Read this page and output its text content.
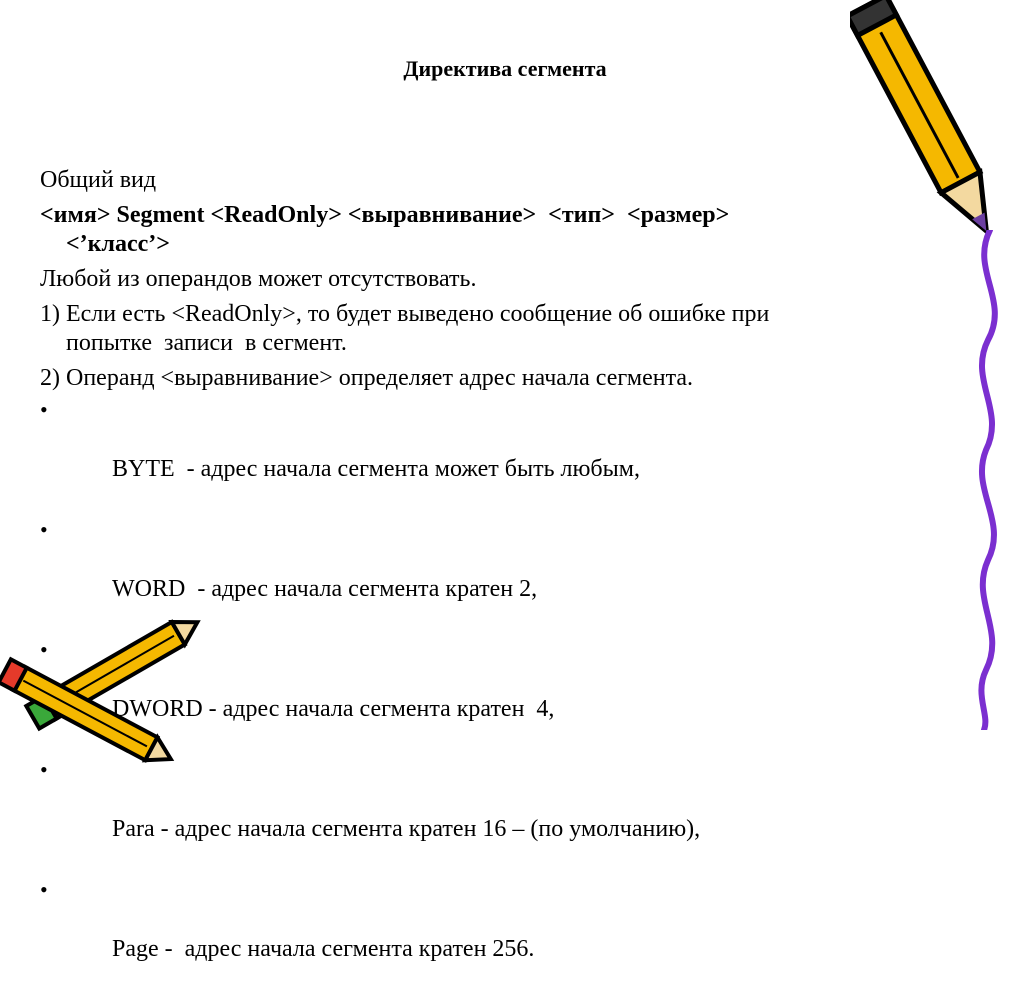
Директива сегмента

Общий вид

<имя> Segment <ReadOnly> <выравнивание>  <тип>  <размер>

<’класс’>

Любой из операндов может отсутствовать.

1) Если есть <ReadOnly>, то будет выведено сообщение об ошибке при

попытке  записи  в сегмент.

2) Операнд <выравнивание> определяет адрес начала сегмента.

•

BYTE  - адрес начала сегмента может быть любым,

•

WORD  - адрес начала сегмента кратен 2,

•

DWORD - адрес начала сегмента кратен  4,

•

Para - адрес начала сегмента кратен 16 – (по умолчанию),

•

Page -  адрес начала сегмента кратен 256.
